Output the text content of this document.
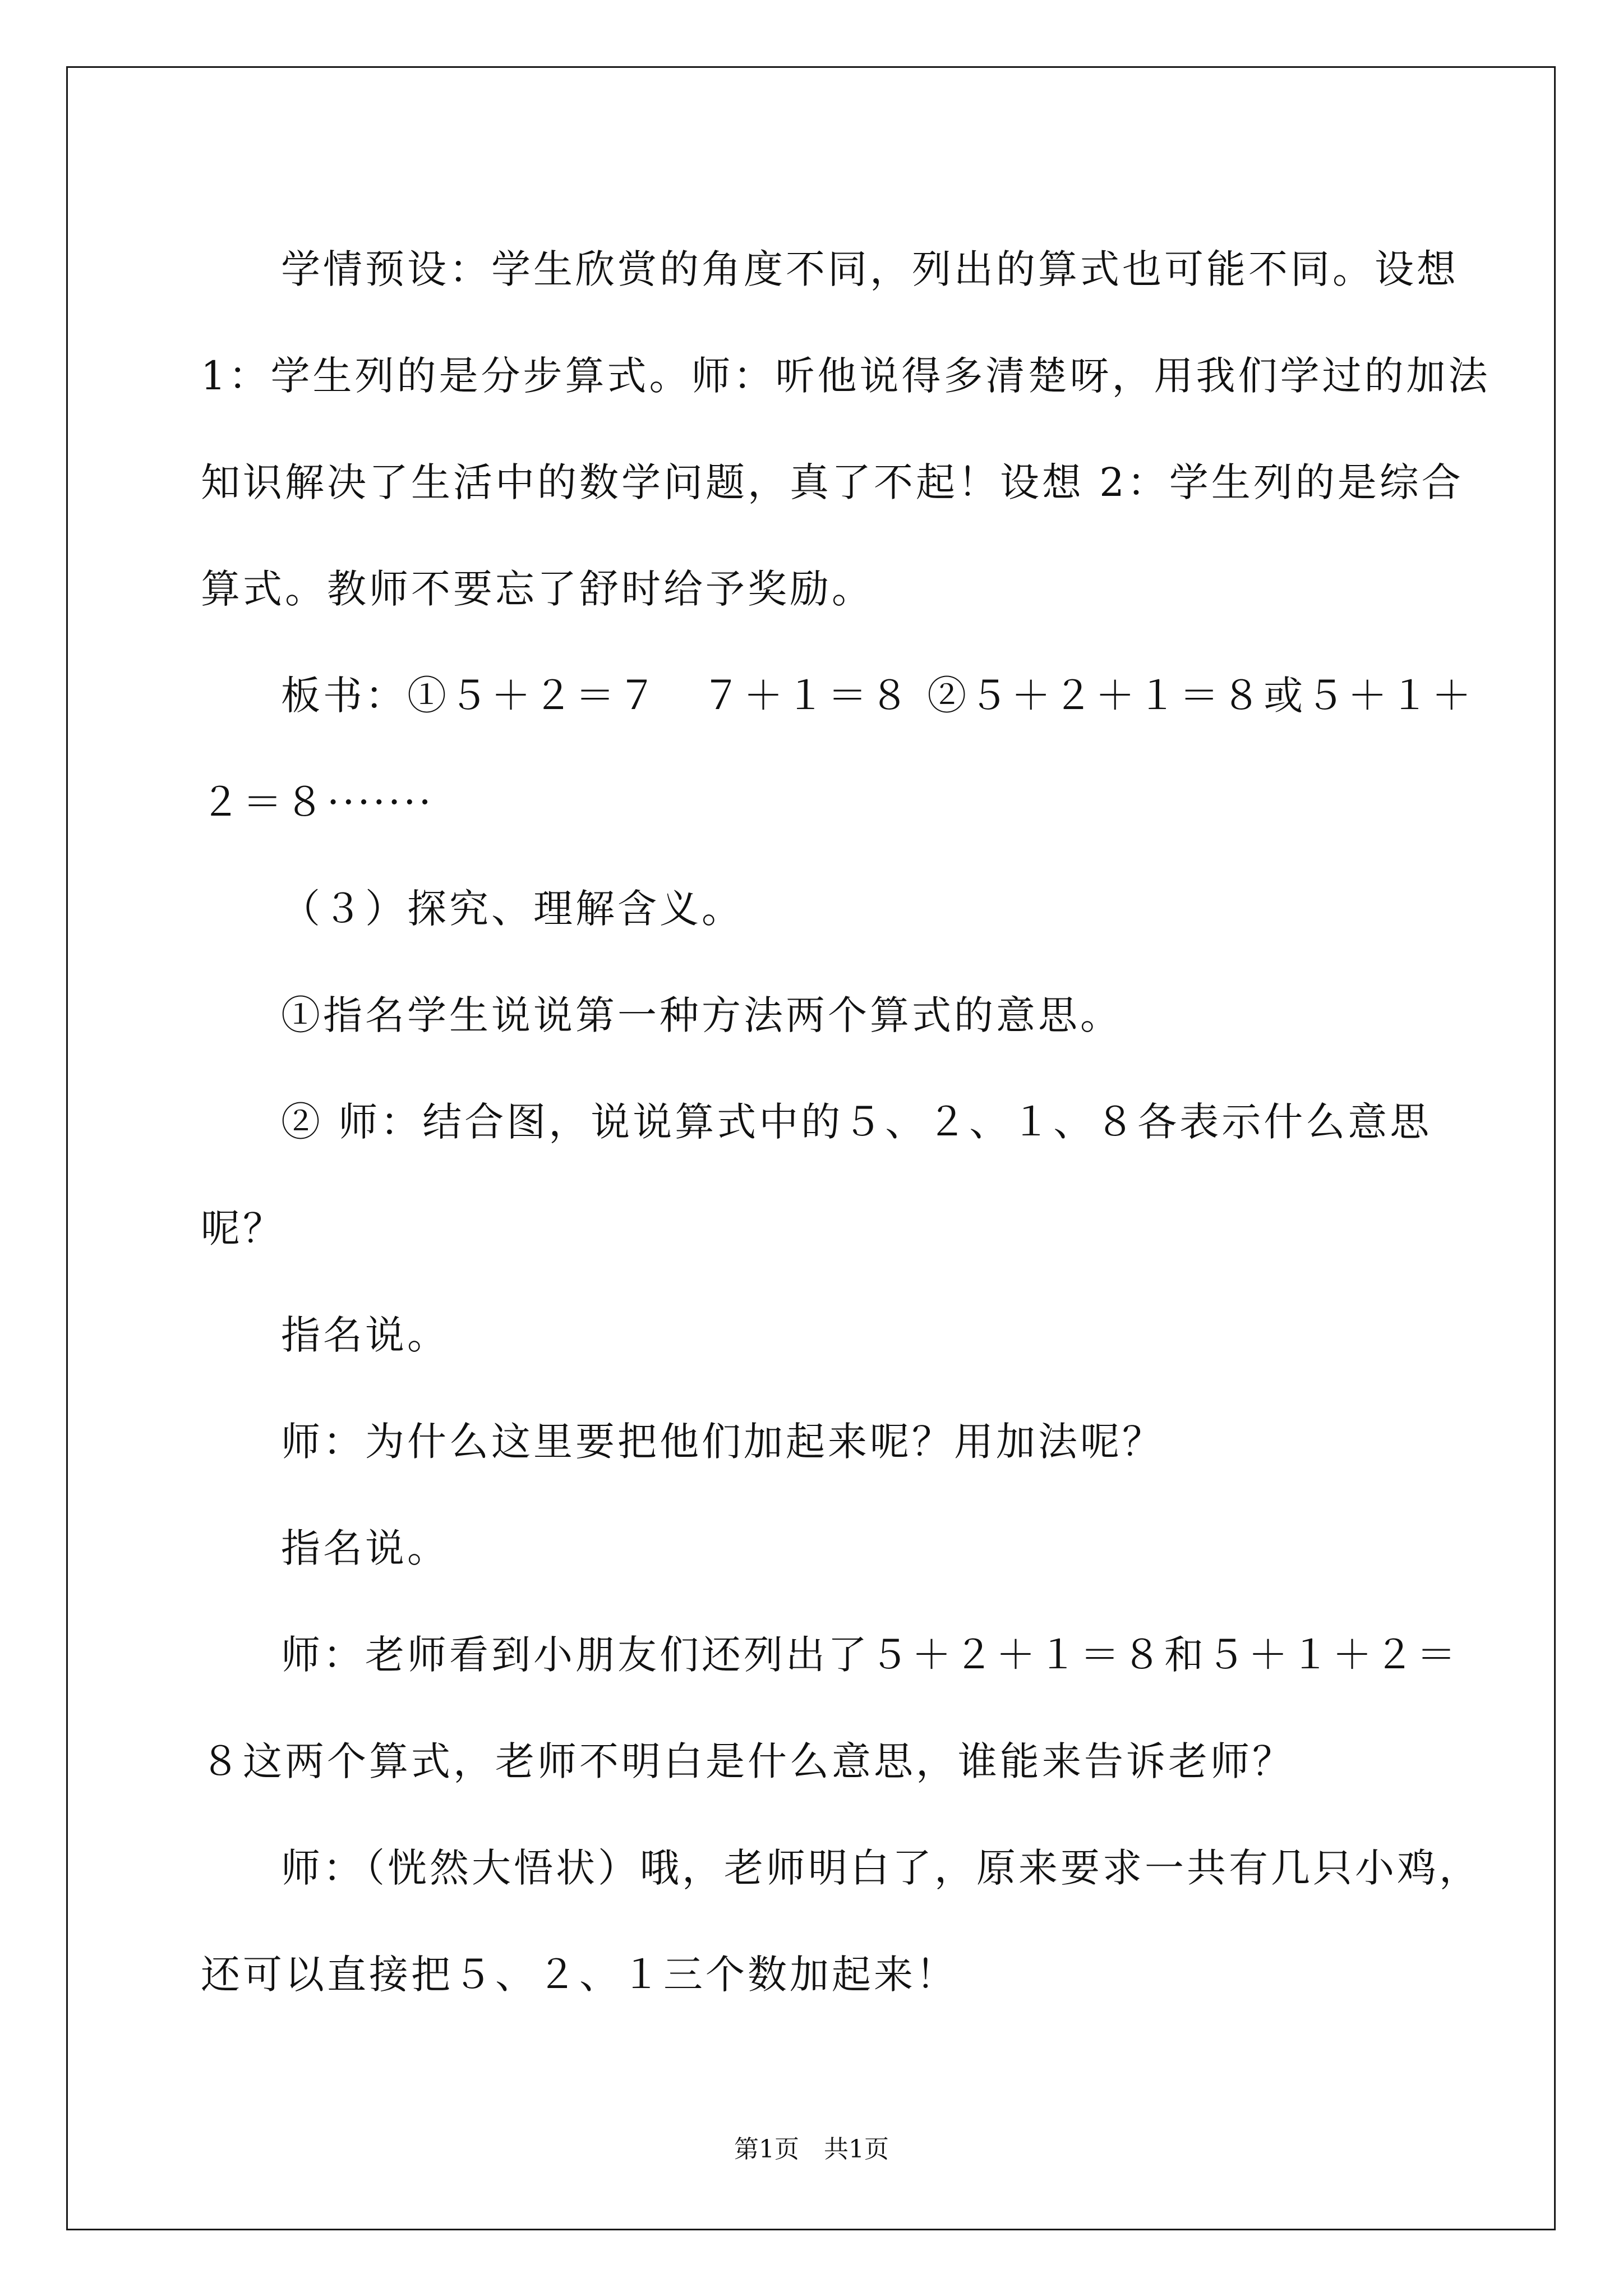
学情预设：学生欣赏的角度不同，列出的算式也可能不同。设想

1：学生列的是分步算式。师：听他说得多清楚呀，用我们学过的加法

知识解决了生活中的数学问题，真了不起！设想 2：学生列的是综合

算式。教师不要忘了舒时给予奖励。

板书：①５＋２＝７　７＋１＝８ ②５＋２＋１＝８或５＋１＋

２＝８·······

（３）探究、理解含义。

①指名学生说说第一种方法两个算式的意思。

② 师：结合图，说说算式中的５、２、１、８各表示什么意思

呢？

指名说。

师：为什么这里要把他们加起来呢？用加法呢？

指名说。

师：老师看到小朋友们还列出了５＋２＋１＝８和５＋１＋２＝

８这两个算式，老师不明白是什么意思，谁能来告诉老师？

师：（恍然大悟状）哦，老师明白了，原来要求一共有几只小鸡，

还可以直接把５、２、１三个数加起来！

第1页　共1页
